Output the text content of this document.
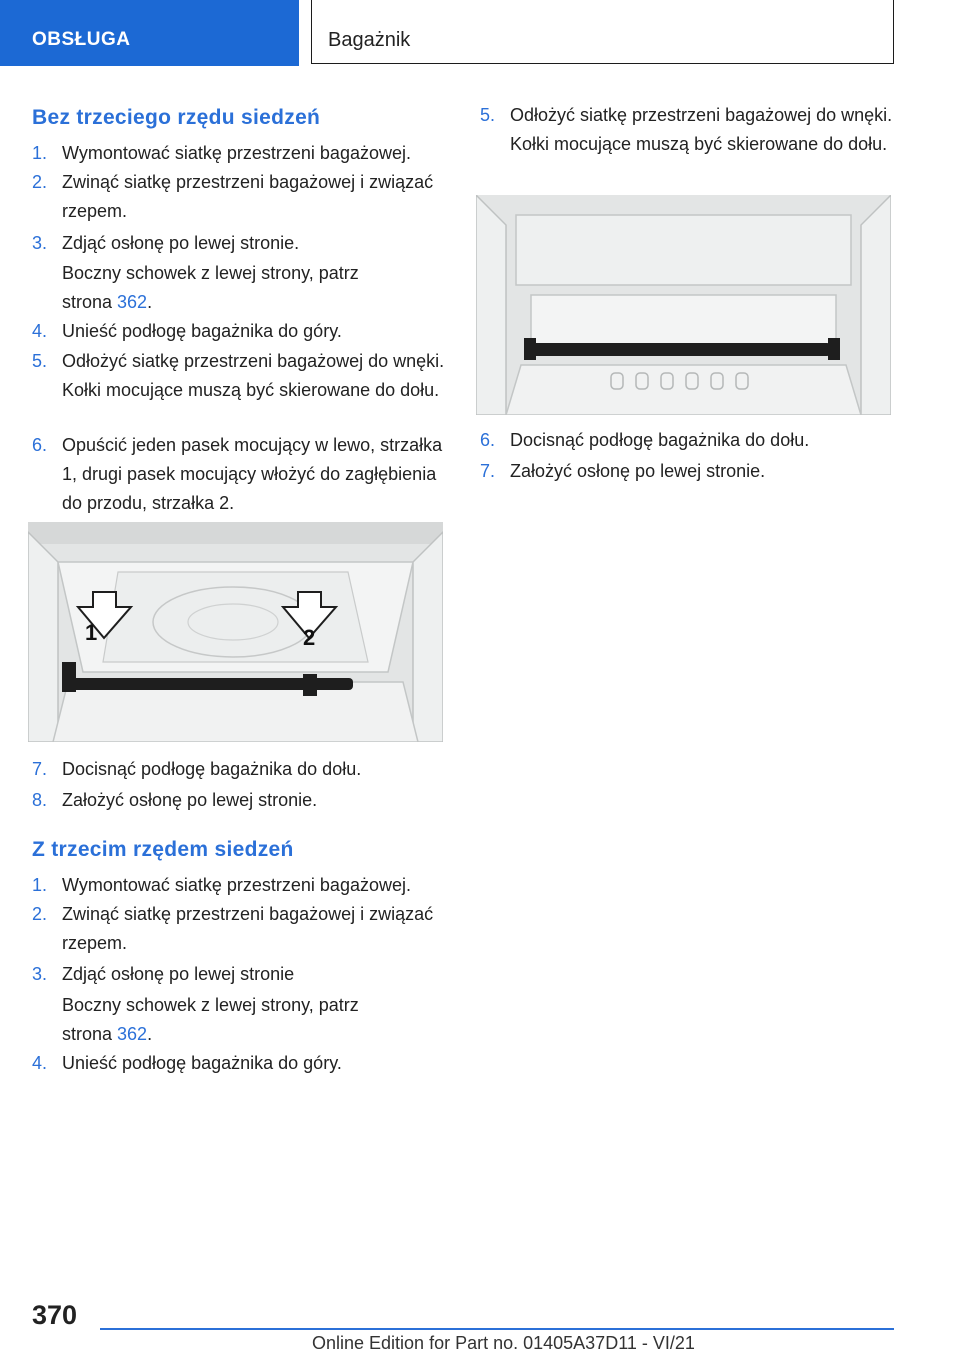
OBSŁUGA	Bagażnik
Bez trzeciego rzędu siedzeń
1. Wymontować siatkę przestrzeni bagażowej.
2. Zwinąć siatkę przestrzeni bagażowej i związać rzepem.
3. Zdjąć osłonę po lewej stronie.
Boczny schowek z lewej strony, patrz strona 362.
4. Unieść podłogę bagażnika do góry.
5. Odłożyć siatkę przestrzeni bagażowej do wnęki. Kołki mocujące muszą być skierowane do dołu.
6. Opuścić jeden pasek mocujący w lewo, strzałka 1, drugi pasek mocujący włożyć do zagłębienia do przodu, strzałka 2.
1	2
7. Docisnąć podłogę bagażnika do dołu.
8. Założyć osłonę po lewej stronie.
Z trzecim rzędem siedzeń
1. Wymontować siatkę przestrzeni bagażowej.
2. Zwinąć siatkę przestrzeni bagażowej i związać rzepem.
3. Zdjąć osłonę po lewej stronie
Boczny schowek z lewej strony, patrz strona 362.
4. Unieść podłogę bagażnika do góry.
5. Odłożyć siatkę przestrzeni bagażowej do wnęki. Kołki mocujące muszą być skierowane do dołu.
6. Docisnąć podłogę bagażnika do dołu.
7. Założyć osłonę po lewej stronie.
370
Online Edition for Part no. 01405A37D11 - VI/21
